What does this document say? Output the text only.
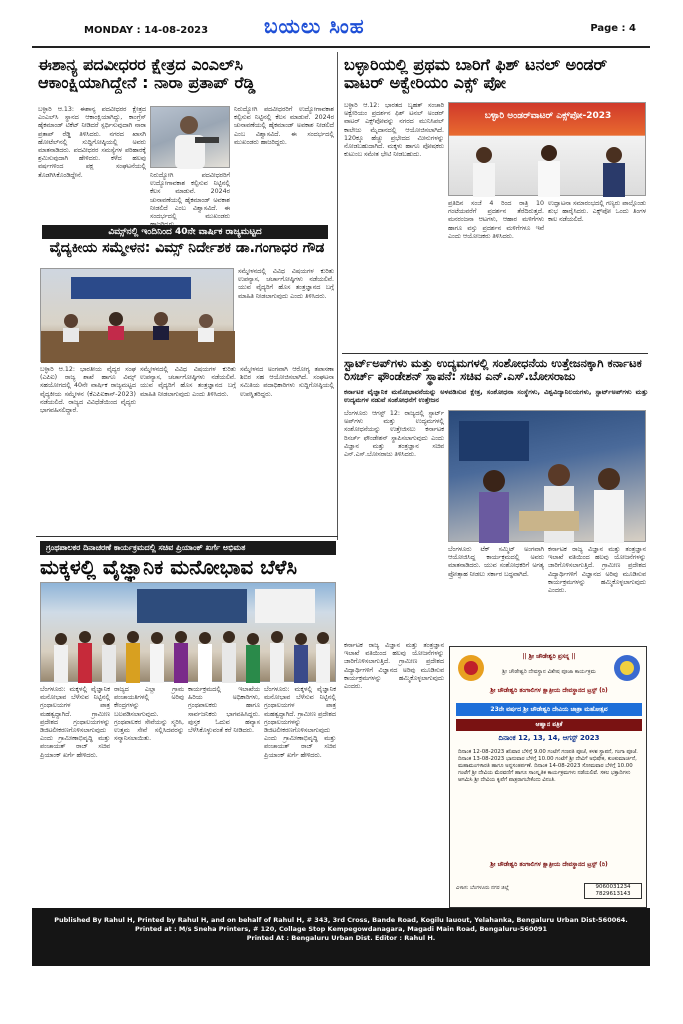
MONDAY : 14-08-2023	ಬಯಲು ಸಿಂಹ	Page : 4
ಈಶಾನ್ಯ ಪದವೀಧರರ ಕ್ಷೇತ್ರದ ಎಂಎಲ್‌ಸಿ ಆಕಾಂಕ್ಷಿಯಾಗಿದ್ದೇನೆ : ನಾರಾ ಪ್ರತಾಪ್ ರೆಡ್ಡಿ
ಬಳ್ಳಾರಿ ಆ.13: ಈಶಾನ್ಯ ಪದವೀಧರರ ಕ್ಷೇತ್ರದ ಎಂಎಲ್‌ಸಿ ಸ್ಥಾನದ ಆಕಾಂಕ್ಷಿಯಾಗಿದ್ದು, ಕಾಂಗ್ರೆಸ್ ಹೈಕಮಾಂಡ್ ಟಿಕೆಟ್ ನೀಡಿದರೆ ಸ್ಪರ್ಧಿಸುವುದಾಗಿ ನಾರಾ ಪ್ರತಾಪ್ ರೆಡ್ಡಿ ತಿಳಿಸಿದರು. ನಗರದ ಖಾಸಗಿ ಹೋಟೆಲ್‌ನಲ್ಲಿ ಸುದ್ದಿಗೋಷ್ಠಿಯಲ್ಲಿ ಅವರು ಮಾತನಾಡಿದರು. ಪದವೀಧರರ ಸಮಸ್ಯೆಗಳ ಪರಿಹಾರಕ್ಕೆ ಶ್ರಮಿಸುವುದಾಗಿ ಹೇಳಿದರು. ಕಳೆದ ಹಲವು ವರ್ಷಗಳಿಂದ ಪಕ್ಷ ಸಂಘಟನೆಯಲ್ಲಿ ತೊಡಗಿಸಿಕೊಂಡಿದ್ದೇನೆ.
ನಿರುದ್ಯೋಗಿ ಪದವೀಧರರಿಗೆ ಉದ್ಯೋಗಾವಕಾಶ ಕಲ್ಪಿಸುವ ನಿಟ್ಟಿನಲ್ಲಿ ಕೆಲಸ ಮಾಡುವೆ. 2024ರ ಚುನಾವಣೆಯಲ್ಲಿ ಹೈಕಮಾಂಡ್ ಅವಕಾಶ ನೀಡಲಿದೆ ಎಂಬ ವಿಶ್ವಾಸವಿದೆ. ಈ ಸಂದರ್ಭದಲ್ಲಿ ಮುಖಂಡರು ಹಾಜರಿದ್ದರು.
ನಿರುದ್ಯೋಗಿ ಪದವೀಧರರಿಗೆ ಉದ್ಯೋಗಾವಕಾಶ ಕಲ್ಪಿಸುವ ನಿಟ್ಟಿನಲ್ಲಿ ಕೆಲಸ ಮಾಡುವೆ. 2024ರ ಚುನಾವಣೆಯಲ್ಲಿ ಹೈಕಮಾಂಡ್ ಅವಕಾಶ ನೀಡಲಿದೆ ಎಂಬ ವಿಶ್ವಾಸವಿದೆ. ಈ ಸಂದರ್ಭದಲ್ಲಿ ಮುಖಂಡರು
ವಿಮ್ಸ್‌ನಲ್ಲಿ ಇಂದಿನಿಂದ 40ನೇ ವಾರ್ಷಿಕ ರಾಜ್ಯಮಟ್ಟದ
ವೈದ್ಯಕೀಯ ಸಮ್ಮೇಳನ: ವಿಮ್ಸ್ ನಿರ್ದೇಶಕ ಡಾ.ಗಂಗಾಧರ ಗೌಡ
ಸಮ್ಮೇಳನದಲ್ಲಿ ವಿವಿಧ ವಿಷಯಗಳ ಕುರಿತು ಉಪನ್ಯಾಸ, ಚರ್ಚಾಗೋಷ್ಠಿಗಳು ನಡೆಯಲಿವೆ. ಯುವ ವೈದ್ಯರಿಗೆ ಹೊಸ ತಂತ್ರಜ್ಞಾನದ ಬಗ್ಗೆ ಮಾಹಿತಿ ನೀಡಲಾಗುವುದು ಎಂದು ತಿಳಿಸಿದರು.
ಬಳ್ಳಾರಿ ಆ.12: ಭಾರತೀಯ ವೈದ್ಯರ ಸಂಘ (ಎಪಿಐ) ರಾಜ್ಯ ಶಾಖೆ ಹಾಗೂ ವಿಮ್ಸ್ ಸಹಯೋಗದಲ್ಲಿ 40ನೇ ವಾರ್ಷಿಕ ರಾಜ್ಯಮಟ್ಟದ ವೈದ್ಯಕೀಯ ಸಮ್ಮೇಳನ (ಕೆಎಪಿಐಕಾನ್-2023) ನಡೆಯಲಿದೆ. ರಾಜ್ಯದ ವಿವಿಧೆಡೆಯಿಂದ ವೈದ್ಯರು ಭಾಗವಹಿಸಲಿದ್ದಾರೆ.
ಸಮ್ಮೇಳನದಲ್ಲಿ ವಿವಿಧ ವಿಷಯಗಳ ಕುರಿತು ಉಪನ್ಯಾಸ, ಚರ್ಚಾಗೋಷ್ಠಿಗಳು ನಡೆಯಲಿವೆ. ಯುವ ವೈದ್ಯರಿಗೆ ಹೊಸ ತಂತ್ರಜ್ಞಾನದ ಬಗ್ಗೆ ಮಾಹಿತಿ ನೀಡಲಾಗುವುದು ಎಂದು ತಿಳಿಸಿದರು.
ಸಮ್ಮೇಳನದ ಅಂಗವಾಗಿ ಆರೋಗ್ಯ ತಪಾಸಣಾ ಶಿಬಿರ ಸಹ ಆಯೋಜಿಸಲಾಗಿದೆ. ಸಂಘಟನಾ ಸಮಿತಿಯ ಪದಾಧಿಕಾರಿಗಳು ಸುದ್ದಿಗೋಷ್ಠಿಯಲ್ಲಿ ಉಪಸ್ಥಿತರಿದ್ದರು.
ಬಳ್ಳಾರಿಯಲ್ಲಿ ಪ್ರಥಮ ಬಾರಿಗೆ ಫಿಶ್ ಟನಲ್ ಅಂಡರ್ ವಾಟರ್ ಅಕ್ವೇರಿಯಂ ಎಕ್ಸ್ ಪೋ
ಬಳ್ಳಾರಿ ಅಂಡರ್‌ವಾಟರ್ ಎಕ್ಸ್‌ಪೋ-2023
ಬಳ್ಳಾರಿ ಆ.12: ಭಾರತದ ಬೃಹತ್ ಸಂಚಾರಿ ಅಕ್ವೇರಿಯಂ ಪ್ರದರ್ಶನ ಫಿಶ್ ಟನಲ್ ಅಂಡರ್ ವಾಟರ್ ಎಕ್ಸ್‌ಪೋವನ್ನು ನಗರದ ಮುನಿಸಿಪಲ್ ಕಾಲೇಜು ಮೈದಾನದಲ್ಲಿ ಆಯೋಜಿಸಲಾಗಿದೆ. 120ಕ್ಕೂ ಹೆಚ್ಚು ಪ್ರಭೇದದ ಮೀನುಗಳನ್ನು ನೋಡಬಹುದಾಗಿದೆ. ಮಕ್ಕಳು ಹಾಗೂ ಪೋಷಕರು ಕುಟುಂಬ ಸಮೇತ ಭೇಟಿ ನೀಡಬಹುದು.
ಪ್ರತಿದಿನ ಸಂಜೆ 4 ರಿಂದ ರಾತ್ರಿ 10 ಗಂಟೆಯವರೆಗೆ ಪ್ರದರ್ಶನ ತೆರೆದಿರುತ್ತದೆ. ಮನರಂಜನಾ ಆಟಗಳು, ಆಹಾರ ಮಳಿಗೆಗಳು ಹಾಗೂ ವಸ್ತು ಪ್ರದರ್ಶನ ಮಳಿಗೆಗಳೂ ಇವೆ ಎಂದು ಆಯೋಜಕರು ತಿಳಿಸಿದರು.
ಉದ್ಘಾಟನಾ ಸಮಾರಂಭದಲ್ಲಿ ಗಣ್ಯರು ಪಾಲ್ಗೊಂಡು ಶುಭ ಹಾರೈಸಿದರು. ಎಕ್ಸ್‌ಪೋ ಒಂದು ತಿಂಗಳ ಕಾಲ ನಡೆಯಲಿದೆ.
ಸ್ಟಾರ್ಟ್‌ಅಪ್‌ಗಳು ಮತ್ತು ಉದ್ಯಮಗಳಲ್ಲಿ ಸಂಶೋಧನೆಯ ಉತ್ತೇಜನಕ್ಕಾಗಿ ಕರ್ನಾಟಕ ರಿಸರ್ಚ್ ಫೌಂಡೇಶನ್ ಸ್ಥಾಪನೆ: ಸಚಿವ ಎನ್.ಎಸ್.ಬೋಸರಾಜು
ಕರ್ನಾಟಕ ವೈಜ್ಞಾನಿಕ ಮನೋಭಾವನೆಯನ್ನು ಅಳವಡಿಸುವ ಕ್ಷೇತ್ರ, ಸಂಶೋಧನಾ ಸಂಸ್ಥೆಗಳು, ವಿಶ್ವವಿದ್ಯಾನಿಲಯಗಳು, ಸ್ಟಾರ್ಟ್‌ಅಪ್‌ಗಳು ಮತ್ತು ಉದ್ಯಮಗಳ ನಡುವೆ ಸಂಶೋಧನೆಗೆ ಉತ್ತೇಜನ
ಬೆಂಗಳೂರು ಆಗಸ್ಟ್ 12: ರಾಜ್ಯದಲ್ಲಿ ಸ್ಟಾರ್ಟ್ ಅಪ್‌ಗಳು ಮತ್ತು ಉದ್ಯಮಗಳಲ್ಲಿ ಸಂಶೋಧನೆಯನ್ನು ಉತ್ತೇಜಿಸಲು ಕರ್ನಾಟಕ ರಿಸರ್ಚ್ ಫೌಂಡೇಶನ್ ಸ್ಥಾಪಿಸಲಾಗುವುದು ಎಂದು ವಿಜ್ಞಾನ ಮತ್ತು ತಂತ್ರಜ್ಞಾನ ಸಚಿವ ಎನ್.ಎಸ್.ಬೋಸರಾಜು ತಿಳಿಸಿದರು.
ಬೆಂಗಳೂರು ಟೆಕ್ ಸಮ್ಮಿಟ್ ಅಂಗವಾಗಿ ಆಯೋಜಿಸಿದ್ದ ಕಾರ್ಯಕ್ರಮದಲ್ಲಿ ಅವರು ಮಾತನಾಡಿದರು. ಯುವ ಸಂಶೋಧಕರಿಗೆ ಅಗತ್ಯ ಪ್ರೋತ್ಸಾಹ ನೀಡಲು ಸರ್ಕಾರ ಬದ್ಧವಾಗಿದೆ.
ಕರ್ನಾಟಕ ರಾಜ್ಯ ವಿಜ್ಞಾನ ಮತ್ತು ತಂತ್ರಜ್ಞಾನ ಇಲಾಖೆ ವತಿಯಿಂದ ಹಲವು ಯೋಜನೆಗಳನ್ನು ಜಾರಿಗೊಳಿಸಲಾಗುತ್ತಿದೆ. ಗ್ರಾಮೀಣ ಪ್ರದೇಶದ ವಿದ್ಯಾರ್ಥಿಗಳಿಗೆ ವಿಜ್ಞಾನದ ಅರಿವು ಮೂಡಿಸುವ ಕಾರ್ಯಕ್ರಮಗಳನ್ನು ಹಮ್ಮಿಕೊಳ್ಳಲಾಗುವುದು ಎಂದರು.
ಗ್ರಂಥಪಾಲಕರ ದಿನಾಚರಣೆ ಕಾರ್ಯಕ್ರಮದಲ್ಲಿ ಸಚಿವ ಪ್ರಿಯಾಂಕ್ ಖರ್ಗೆ ಅಭಿಮತ
ಮಕ್ಕಳಲ್ಲಿ ವೈಜ್ಞಾನಿಕ ಮನೋಭಾವ ಬೆಳೆಸಿ
ಬೆಂಗಳೂರು: ಮಕ್ಕಳಲ್ಲಿ ವೈಜ್ಞಾನಿಕ ಮನೋಭಾವ ಬೆಳೆಸುವ ನಿಟ್ಟಿನಲ್ಲಿ ಗ್ರಂಥಾಲಯಗಳ ಪಾತ್ರ ಮಹತ್ವದ್ದಾಗಿದೆ. ಗ್ರಾಮೀಣ ಪ್ರದೇಶದ ಗ್ರಂಥಾಲಯಗಳನ್ನು ಡಿಜಿಟಲೀಕರಣಗೊಳಿಸಲಾಗುವುದು ಎಂದು ಗ್ರಾಮೀಣಾಭಿವೃದ್ಧಿ ಮತ್ತು ಪಂಚಾಯತ್ ರಾಜ್ ಸಚಿವ ಪ್ರಿಯಾಂಕ್ ಖರ್ಗೆ ಹೇಳಿದರು.
ರಾಜ್ಯದ ಎಲ್ಲಾ ಗ್ರಾಮ ಪಂಚಾಯತಿಗಳಲ್ಲಿ ಅರಿವು ಕೇಂದ್ರಗಳನ್ನು ಬಲಪಡಿಸಲಾಗುವುದು. ಗ್ರಂಥಪಾಲಕರ ಸೇವೆಯನ್ನು ಸ್ಮರಿಸಿ, ಉತ್ತಮ ಸೇವೆ ಸಲ್ಲಿಸಿದವರನ್ನು ಸನ್ಮಾನಿಸಲಾಯಿತು.
ಕಾರ್ಯಕ್ರಮದಲ್ಲಿ ಇಲಾಖೆಯ ಹಿರಿಯ ಅಧಿಕಾರಿಗಳು, ಗ್ರಂಥಪಾಲಕರು ಹಾಗೂ ಸಾರ್ವಜನಿಕರು ಭಾಗವಹಿಸಿದ್ದರು. ಪುಸ್ತಕ ಓದುವ ಹವ್ಯಾಸ ಬೆಳೆಸಿಕೊಳ್ಳುವಂತೆ ಕರೆ ನೀಡಿದರು.
ಬೆಂಗಳೂರು: ಮಕ್ಕಳಲ್ಲಿ ವೈಜ್ಞಾನಿಕ ಮನೋಭಾವ ಬೆಳೆಸುವ ನಿಟ್ಟಿನಲ್ಲಿ ಗ್ರಂಥಾಲಯಗಳ ಪಾತ್ರ ಮಹತ್ವದ್ದಾಗಿದೆ. ಗ್ರಾಮೀಣ ಪ್ರದೇಶದ ಗ್ರಂಥಾಲಯಗಳನ್ನು ಡಿಜಿಟಲೀಕರಣಗೊಳಿಸಲಾಗುವುದು ಎಂದು ಗ್ರಾಮೀಣಾಭಿವೃದ್ಧಿ ಮತ್ತು ಪಂಚಾಯತ್ ರಾಜ್ ಸಚಿವ ಪ್ರಿಯಾಂಕ್ ಖರ್ಗೆ ಹೇಳಿದರು.
ಕರ್ನಾಟಕ ರಾಜ್ಯ ವಿಜ್ಞಾನ ಮತ್ತು ತಂತ್ರಜ್ಞಾನ ಇಲಾಖೆ ವತಿಯಿಂದ ಹಲವು ಯೋಜನೆಗಳನ್ನು ಜಾರಿಗೊಳಿಸಲಾಗುತ್ತಿದೆ. ಗ್ರಾಮೀಣ ಪ್ರದೇಶದ ವಿದ್ಯಾರ್ಥಿಗಳಿಗೆ ವಿಜ್ಞಾನದ ಅರಿವು ಮೂಡಿಸುವ ಕಾರ್ಯಕ್ರಮಗಳನ್ನು ಹಮ್ಮಿಕೊಳ್ಳಲಾಗುವುದು ಎಂದರು.
|| ಶ್ರೀ ಚೌಡೇಶ್ವರಿ ಪ್ರಸನ್ನ ||
ಶ್ರೀ ಚೌಡೇಶ್ವರಿ ದೇವಸ್ಥಾನ ವಿಶೇಷ ಪೂಜಾ ಕಾರ್ಯಕ್ರಮ
ಶ್ರೀ ಚೌಡೇಶ್ವರಿ ತಂಗಾಲಿಗಳ ಕ್ಷಾತ್ರೀಯ ದೇವಸ್ಥಾನದ ಟ್ರಸ್ಟ್ (ರಿ)
23ನೇ ವರ್ಷದ ಶ್ರೀ ಚೌಡೇಶ್ವರಿ ದೇವಿಯ ಜಾತ್ರಾ ಮಹೋತ್ಸವ
ಆಹ್ವಾನ ಪತ್ರಿಕೆ
ದಿನಾಂಕ 12, 13, 14, ಆಗಸ್ಟ್ 2023
ದಿನಾಂಕ 12-08-2023 ಶನಿವಾರ ಬೆಳಿಗ್ಗೆ 9.00 ಗಂಟೆಗೆ ಗಣಪತಿ ಪೂಜೆ, ಕಳಶ ಸ್ಥಾಪನೆ, ಗಂಗಾ ಪೂಜೆ. ದಿನಾಂಕ 13-08-2023 ಭಾನುವಾರ ಬೆಳಿಗ್ಗೆ 10.00 ಗಂಟೆಗೆ ಶ್ರೀ ದೇವಿಗೆ ಅಭಿಷೇಕ, ಕುಂಕುಮಾರ್ಚನೆ, ಮಹಾಮಂಗಳಾರತಿ ಹಾಗೂ ಅನ್ನಸಂತರ್ಪಣೆ. ದಿನಾಂಕ 14-08-2023 ಸೋಮವಾರ ಬೆಳಿಗ್ಗೆ 10.00 ಗಂಟೆಗೆ ಶ್ರೀ ದೇವಿಯ ಮೆರವಣಿಗೆ ಹಾಗೂ ಸಾಂಸ್ಕೃತಿಕ ಕಾರ್ಯಕ್ರಮಗಳು ನಡೆಯಲಿವೆ. ಸಕಲ ಭಕ್ತಾದಿಗಳು ಆಗಮಿಸಿ ಶ್ರೀ ದೇವಿಯ ಕೃಪೆಗೆ ಪಾತ್ರರಾಗಬೇಕೆಂದು ವಿನಂತಿ.
ಶ್ರೀ ಚೌಡೇಶ್ವರಿ ತಂಗಾಲಿಗಳ ಕ್ಷಾತ್ರೀಯ ದೇವಸ್ಥಾನದ ಟ್ರಸ್ಟ್ (ರಿ)
ವಿಳಾಸ: ಬೆಂಗಳೂರು ನಗರ ಜಿಲ್ಲೆ	9060031234 7829613143
Published By Rahul H, Printed by Rahul H, and on behalf of Rahul H, # 343, 3rd Cross, Bande Road, Kogilu lauout, Yelahanka, Bengaluru Urban Dist-560064.
Printed at : M/s Sneha Printers, # 120, Collage Stop Kempegowdanagara, Magadi Main Road, Bengaluru-560091
Printed At : Bengaluru Urban Dist. Editor : Rahul H.
